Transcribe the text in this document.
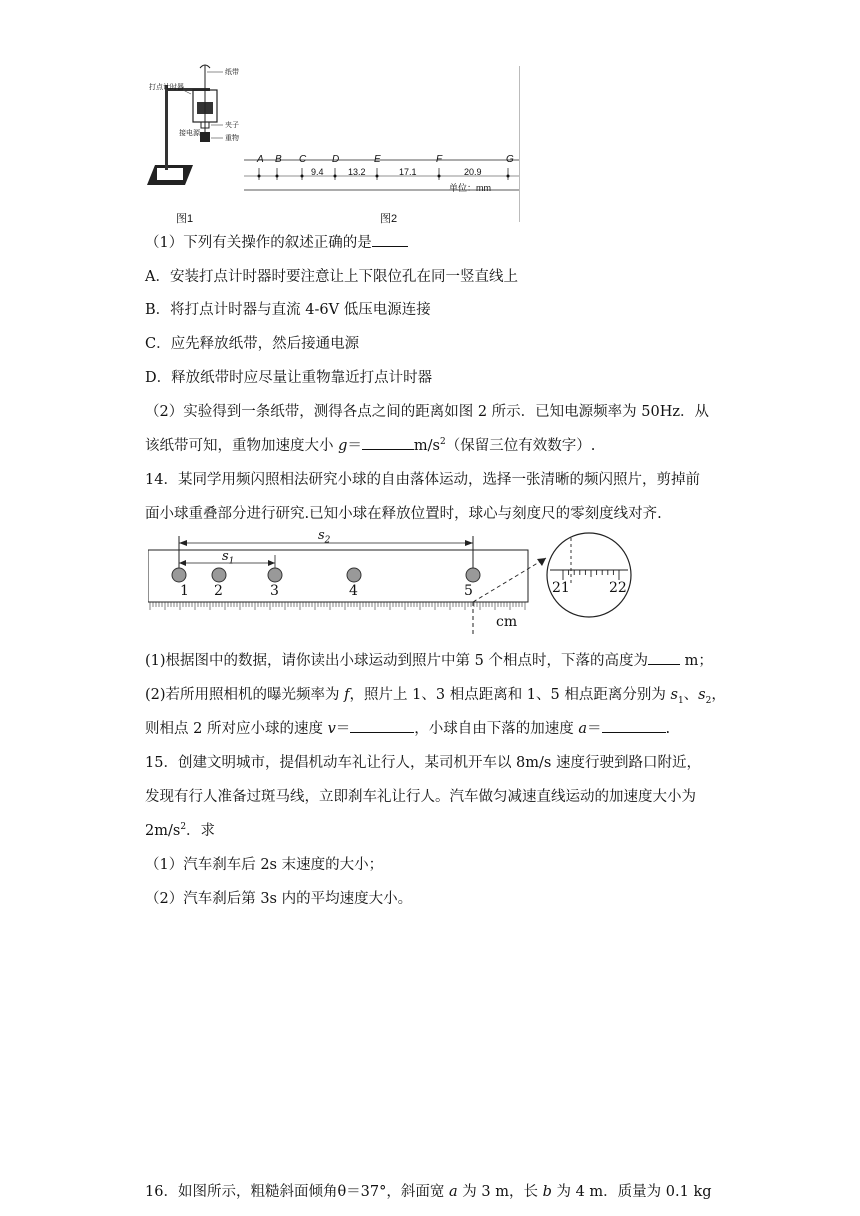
打点计时器
纸带
接电源
夹子
重物
图1
A B C	D	E	F	G
9.4	13.2	17.1	20.9
单位：mm
图2
（1）下列有关操作的叙述正确的是
A．安装打点计时器时要注意让上下限位孔在同一竖直线上
B．将打点计时器与直流 4-6V 低压电源连接
C．应先释放纸带，然后接通电源
D．释放纸带时应尽量让重物靠近打点计时器
（2）实验得到一条纸带，测得各点之间的距离如图 2 所示．已知电源频率为 50Hz．从
该纸带可知，重物加速度大小 g＝	$m/s^2$（保留三位有效数字）.
14．某同学用频闪照相法研究小球的自由落体运动，选择一张清晰的频闪照片，剪掉前
面小球重叠部分进行研究.已知小球在释放位置时，球心与刻度尺的零刻度线对齐.
$s_2$
$s_1$
1 2	3	4	5
cm
21	22
(1)根据图中的数据，请你读出小球运动到照片中第 5 个相点时，下落的高度为 m；
(2)若所用照相机的曝光频率为 f，照片上 1、3 相点距离和 1、5 相点距离分别为 $s_1$、$s_2$，
则相点 2 所对应小球的速度 v＝	，小球自由下落的加速度 a＝	.
15．创建文明城市，提倡机动车礼让行人，某司机开车以 8m/s 速度行驶到路口附近，
发现有行人准备过斑马线，立即刹车礼让行人。汽车做匀减速直线运动的加速度大小为
$2m/s^2$．求
（1）汽车刹车后 2s 末速度的大小；
（2）汽车刹后第 3s 内的平均速度大小。
16．如图所示，粗糙斜面倾角θ＝37°，斜面宽 a 为 3 m，长 b 为 4 m．质量为 0.1 kg
